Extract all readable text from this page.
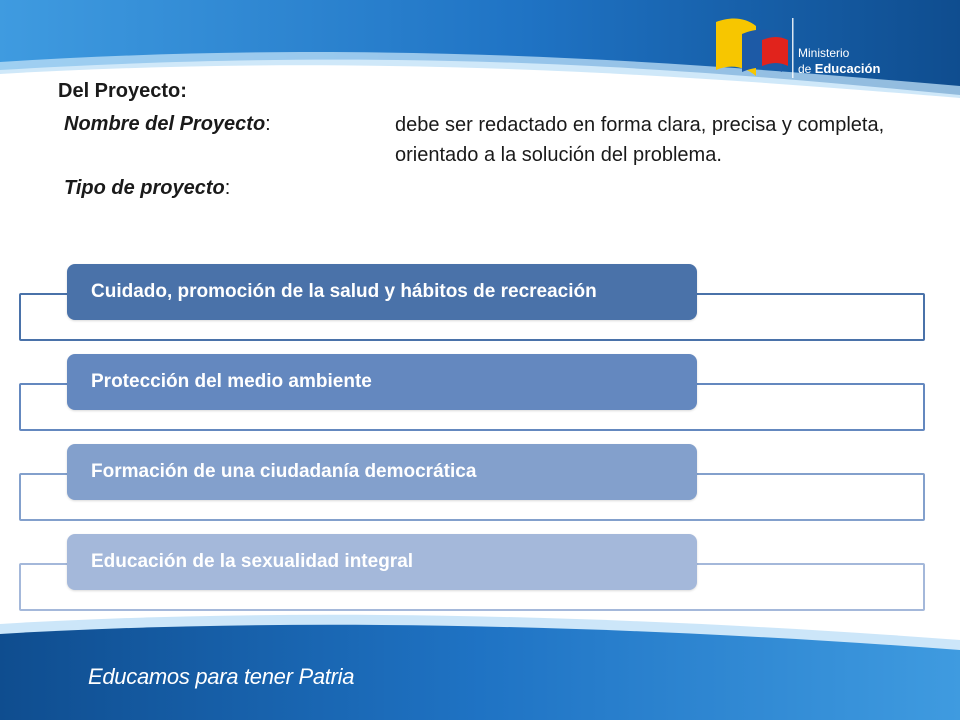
Ministerio
de Educación
Del Proyecto:
Nombre del Proyecto:
Tipo de proyecto:
debe ser redactado en forma clara, precisa y completa, orientado a la solución del problema.
Cuidado, promoción de la salud y hábitos de recreación
Protección del medio ambiente
Formación de una ciudadanía democrática
Educación de la sexualidad integral
Educamos para tener Patria
